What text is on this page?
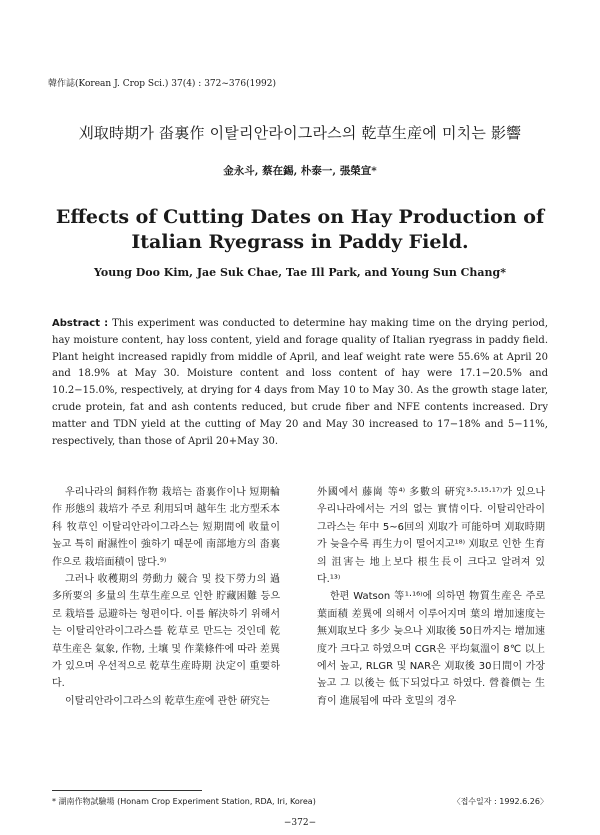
韓作誌(Korean J. Crop Sci.) 37(4) : 372~376(1992)
刈取時期가 畓裏作 이탈리안라이그라스의 乾草生産에 미치는 影響
金永斗, 蔡在錫, 朴泰一, 張榮宣*
Effects of Cutting Dates on Hay Production of
Italian Ryegrass in Paddy Field.
Young Doo Kim, Jae Suk Chae, Tae Ill Park, and Young Sun Chang*
Abstract : This experiment was conducted to determine hay making time on the drying period, hay moisture content, hay loss content, yield and forage quality of Italian ryegrass in paddy field. Plant height increased rapidly from middle of April, and leaf weight rate were 55.6% at April 20 and 18.9% at May 30. Moisture content and loss content of hay were 17.1−20.5% and 10.2−15.0%, respectively, at drying for 4 days from May 10 to May 30. As the growth stage later, crude protein, fat and ash contents reduced, but crude fiber and NFE contents increased. Dry matter and TDN yield at the cutting of May 20 and May 30 increased to 17−18% and 5−11%, respectively, than those of April 20+May 30.

우리나라의 飼料作物 栽培는 畓裏作이나 短期輪作 形態의 栽培가 주로 利用되며 越年生 北方型禾本科 牧草인 이탈리안라이그라스는 短期間에 收量이 높고 특히 耐濕性이 強하기 때문에 南部地方의 畓裏作으로 栽培面積이 많다.⁹⁾

그러나 收穫期의 勞動力 競合 및 投下勞力의 過多所要의 多量의 生草生産으로 인한 貯藏困難 등으로 栽培를 忌避하는 형편이다. 이를 解決하기 위해서는 이탈리안라이그라스를 乾草로 만드는 것인데 乾草生産은 氣象, 作物, 土壤 및 作業條件에 따라 差異가 있으며 우선적으로 乾草生産時期 決定이 重要하다.

이탈리안라이그라스의 乾草生産에 관한 硏究는

外國에서 藤崗 等⁴⁾ 多數의 硏究³·⁵·¹⁵·¹⁷⁾가 있으나 우리나라에서는 거의 없는 實情이다. 이탈리안라이그라스는 年中 5~6回의 刈取가 可能하며 刈取時期가 늦을수록 再生力이 떨어지고¹⁸⁾ 刈取로 인한 生育의 沮害는 地上보다 根生長이 크다고 알려져 있다.¹³⁾

한편 Watson 等¹·¹⁶⁾에 의하면 物質生産은 주로 葉面積 差異에 의해서 이루어지며 葉의 增加速度는 無刈取보다 多少 늦으나 刈取後 50日까지는 增加速度가 크다고 하였으며 CGR은 平均氣溫이 8℃ 以上에서 높고, RLGR 및 NAR은 刈取後 30日間이 가장 높고 그 以後는 低下되었다고 하였다. 營養價는 生育이 進展됨에 따라 호밀의 경우

* 湖南作物試驗場 (Honam Crop Experiment Station, RDA, Iri, Korea)	〈접수일자 : 1992.6.26〉
−372−
